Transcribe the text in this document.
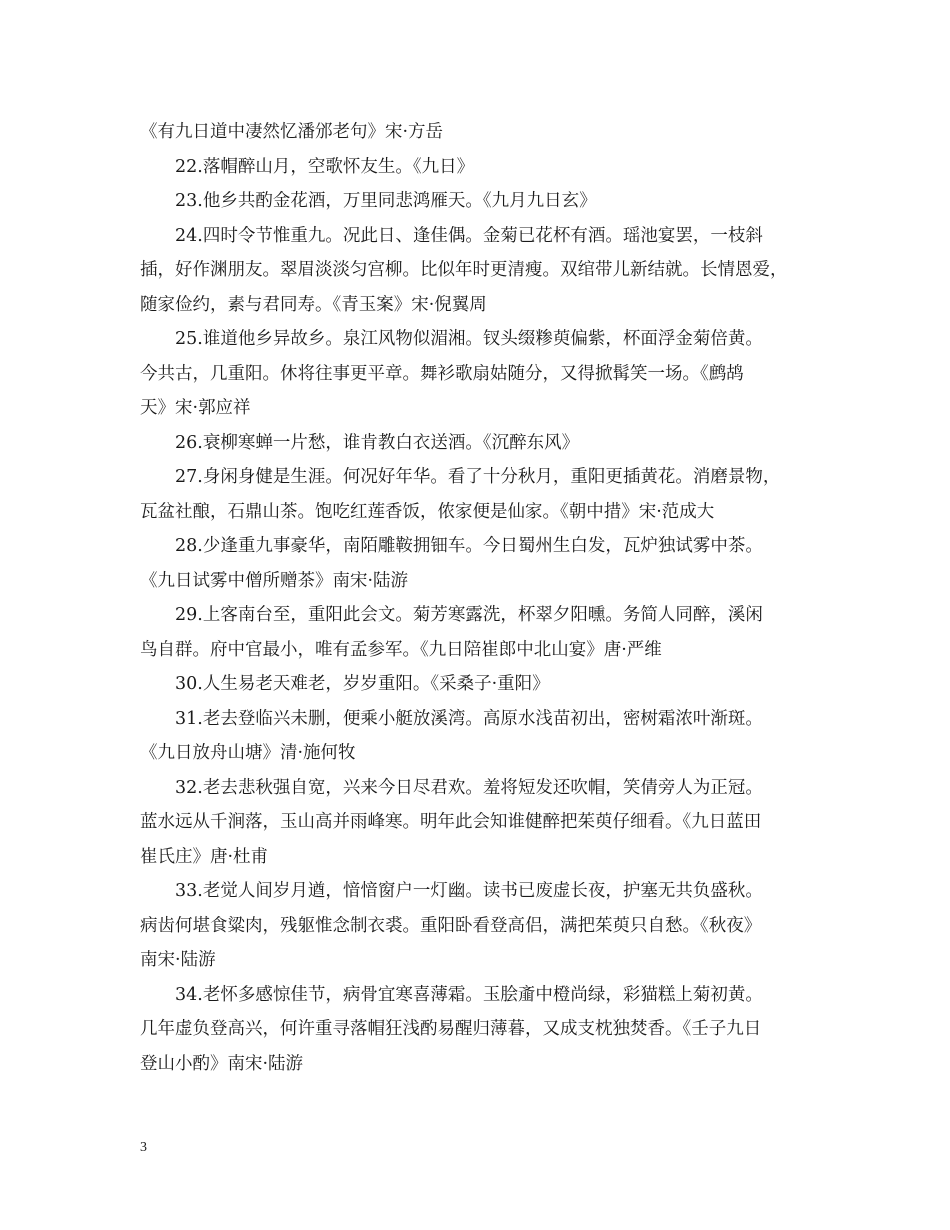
《有九日道中凄然忆潘邠老句》宋·方岳
22.落帽醉山月，空歌怀友生。《九日》
23.他乡共酌金花酒，万里同悲鸿雁天。《九月九日玄》
24.四时令节惟重九。况此日、逢佳偶。金菊已花杯有酒。瑶池宴罢，一枝斜
插，好作渊朋友。翠眉淡淡匀宫柳。比似年时更清瘦。双绾带儿新结就。长情恩爱，
随家俭约，素与君同寿。《青玉案》宋·倪翼周
25.谁道他乡异故乡。泉江风物似湄湘。钗头缀糁萸偏紫，杯面浮金菊倍黄。
今共古，几重阳。休将往事更平章。舞衫歌扇姑随分，又得掀髯笑一场。《鹧鸪
天》宋·郭应祥
26.衰柳寒蝉一片愁，谁肯教白衣送酒。《沉醉东风》
27.身闲身健是生涯。何况好年华。看了十分秋月，重阳更插黄花。消磨景物，
瓦盆社酿，石鼎山茶。饱吃红莲香饭，侬家便是仙家。《朝中措》宋·范成大
28.少逢重九事豪华，南陌雕鞍拥钿车。今日蜀州生白发，瓦炉独试雾中茶。
《九日试雾中僧所赠茶》南宋·陆游
29.上客南台至，重阳此会文。菊芳寒露洗，杯翠夕阳曛。务简人同醉，溪闲
鸟自群。府中官最小，唯有孟参军。《九日陪崔郎中北山宴》唐·严维
30.人生易老天难老，岁岁重阳。《采桑子·重阳》
31.老去登临兴未删，便乘小艇放溪湾。高原水浅苗初出，密树霜浓叶渐斑。
《九日放舟山塘》清·施何牧
32.老去悲秋强自宽，兴来今日尽君欢。羞将短发还吹帽，笑倩旁人为正冠。
蓝水远从千涧落，玉山高并雨峰寒。明年此会知谁健醉把茱萸仔细看。《九日蓝田
崔氏庄》唐·杜甫
33.老觉人间岁月遒，愔愔窗户一灯幽。读书已废虚长夜，护塞无共负盛秋。
病齿何堪食粱肉，残躯惟念制衣裘。重阳卧看登高侣，满把茱萸只自愁。《秋夜》
南宋·陆游
34.老怀多感惊佳节，病骨宜寒喜薄霜。玉脍齑中橙尚绿，彩猫糕上菊初黄。
几年虚负登高兴，何许重寻落帽狂浅酌易醒归薄暮，又成支枕独焚香。《壬子九日
登山小酌》南宋·陆游
3
